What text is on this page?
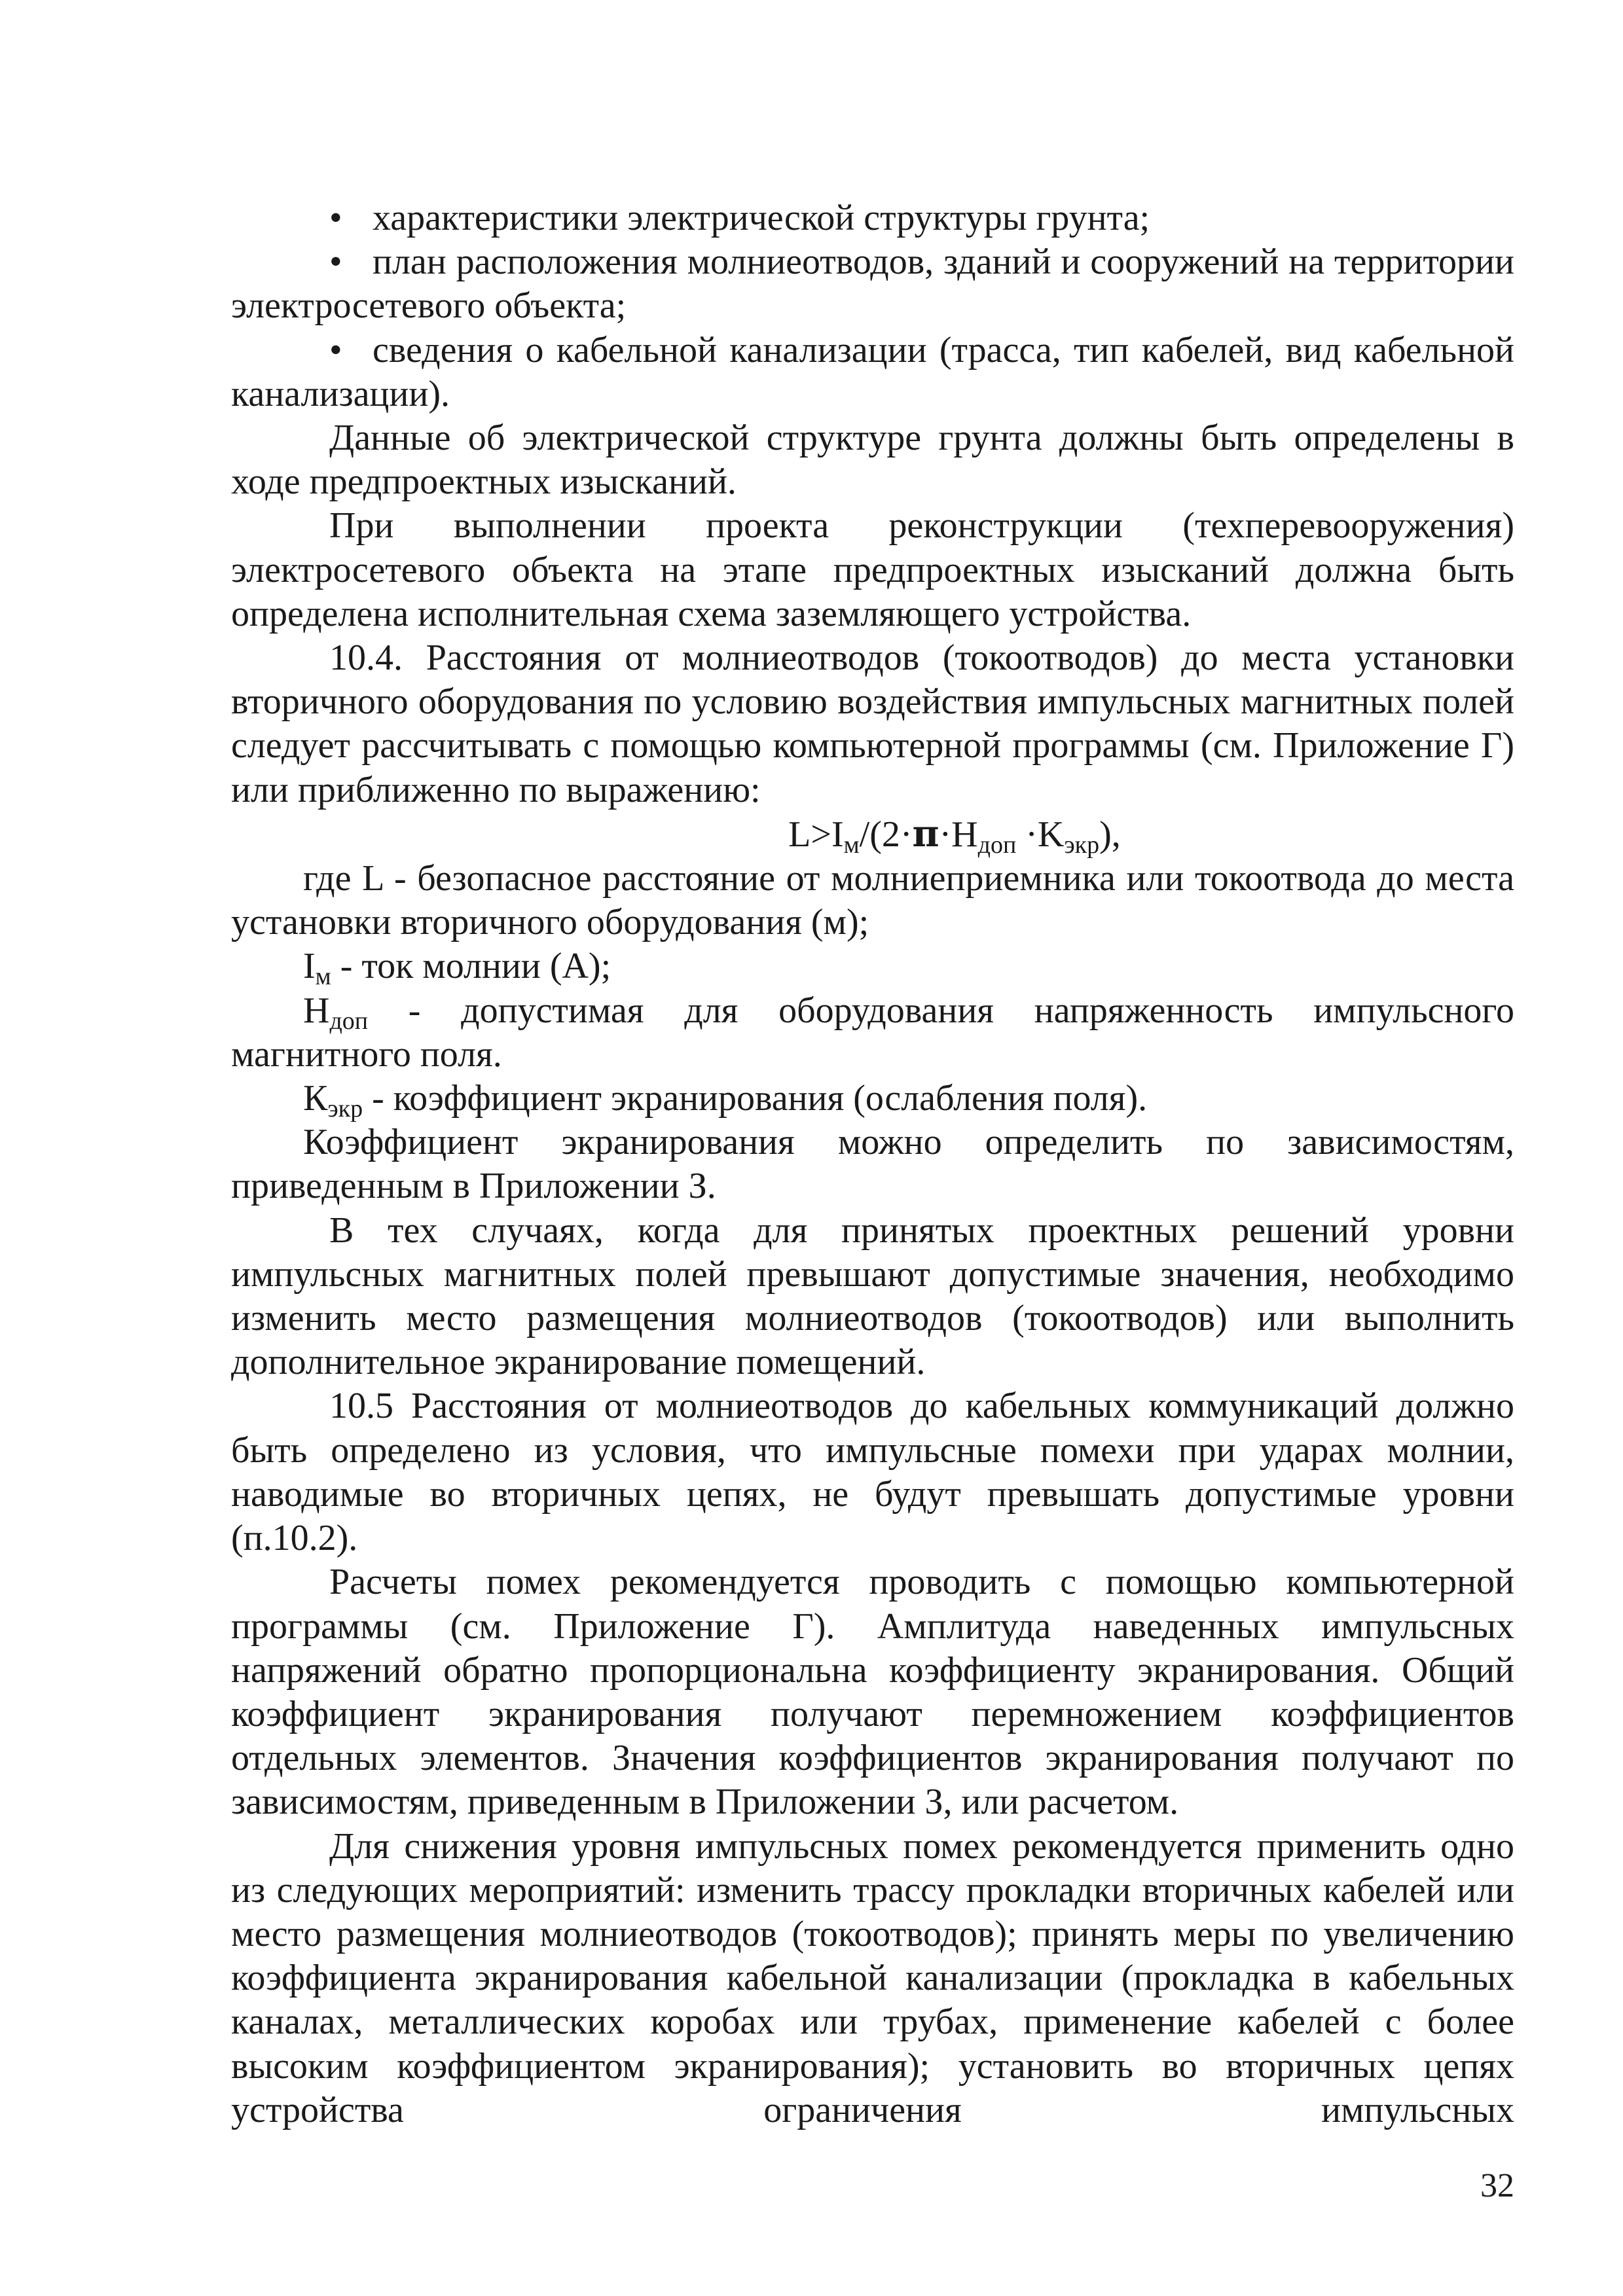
• характеристики электрической структуры грунта;

• план расположения молниеотводов, зданий и сооружений на территории электросетевого объекта;

• сведения о кабельной канализации (трасса, тип кабелей, вид кабельной канализации).

Данные об электрической структуре грунта должны быть определены в ходе предпроектных изысканий.

При выполнении проекта реконструкции (техперевооружения) электросетевого объекта на этапе предпроектных изысканий должна быть определена исполнительная схема заземляющего устройства.

10.4. Расстояния от молниеотводов (токоотводов) до места установки вторичного оборудования по условию воздействия импульсных магнитных полей следует рассчитывать с помощью компьютерной программы (см. Приложение Г) или приближенно по выражению:

$L>I_м/(2\cdot\pi\cdot H_{доп} \cdot K_{экр})$,

где L - безопасное расстояние от молниеприемника или токоотвода до места установки вторичного оборудования (м);

$I_м$ - ток молнии (А);

$Н_{доп}$ - допустимая для оборудования напряженность импульсного магнитного поля.

$К_{экр}$ - коэффициент экранирования (ослабления поля).

Коэффициент экранирования можно определить по зависимостям, приведенным в Приложении З.

В тех случаях, когда для принятых проектных решений уровни импульсных магнитных полей превышают допустимые значения, необходимо изменить место размещения молниеотводов (токоотводов) или выполнить дополнительное экранирование помещений.

10.5 Расстояния от молниеотводов до кабельных коммуникаций должно быть определено из условия, что импульсные помехи при ударах молнии, наводимые во вторичных цепях, не будут превышать допустимые уровни (п.10.2).

Расчеты помех рекомендуется проводить с помощью компьютерной программы (см. Приложение Г). Амплитуда наведенных импульсных напряжений обратно пропорциональна коэффициенту экранирования. Общий коэффициент экранирования получают перемножением коэффициентов отдельных элементов. Значения коэффициентов экранирования получают по зависимостям, приведенным в Приложении З, или расчетом.

Для снижения уровня импульсных помех рекомендуется применить одно из следующих мероприятий: изменить трассу прокладки вторичных кабелей или место размещения молниеотводов (токоотводов); принять меры по увеличению коэффициента экранирования кабельной канализации (прокладка в кабельных каналах, металлических коробах или трубах, применение кабелей с более высоким коэффициентом экранирования); установить во вторичных цепях устройства ограничения импульсных

32
